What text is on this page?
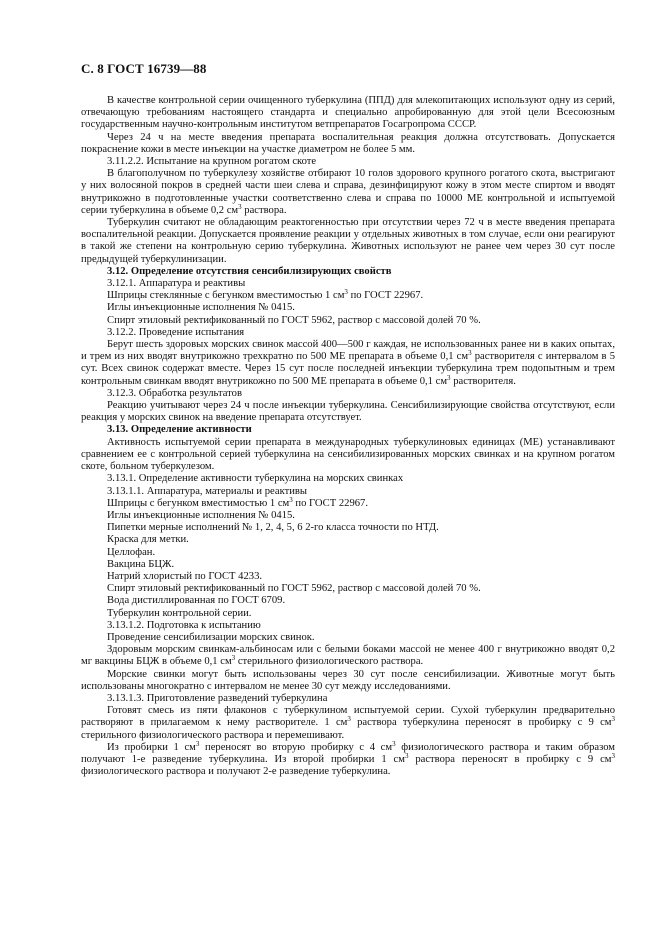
С. 8 ГОСТ 16739—88

В качестве контрольной серии очищенного туберкулина (ППД) для млекопитающих используют одну из серий, отвечающую требованиям настоящего стандарта и специально апробированную для этой цели Всесоюзным государственным научно-контрольным институтом ветпрепаратов Госагропрома СССР.

Через 24 ч на месте введения препарата воспалительная реакция должна отсутствовать. Допускается покраснение кожи в месте инъекции на участке диаметром не более 5 мм.

3.11.2.2. Испытание на крупном рогатом скоте

В благополучном по туберкулезу хозяйстве отбирают 10 голов здорового крупного рогатого скота, выстригают у них волосяной покров в средней части шеи слева и справа, дезинфицируют кожу в этом месте спиртом и вводят внутрикожно в подготовленные участки соответственно слева и справа по 10000 МЕ контрольной и испытуемой серии туберкулина в объеме 0,2 $см^3$ раствора.

Туберкулин считают не обладающим реактогенностью при отсутствии через 72 ч в месте введения препарата воспалительной реакции. Допускается проявление реакции у отдельных животных в том случае, если они реагируют в такой же степени на контрольную серию туберкулина. Животных используют не ранее чем через 30 сут после предыдущей туберкулинизации.

3.12. Определение отсутствия сенсибилизирующих свойств

3.12.1. Аппаратура и реактивы

Шприцы стеклянные с бегунком вместимостью 1 $см^3$ по ГОСТ 22967.

Иглы инъекционные исполнения № 0415.

Спирт этиловый ректификованный по ГОСТ 5962, раствор с массовой долей 70 %.

3.12.2. Проведение испытания

Берут шесть здоровых морских свинок массой 400—500 г каждая, не использованных ранее ни в каких опытах, и трем из них вводят внутрикожно трехкратно по 500 МЕ препарата в объеме 0,1 $см^3$ растворителя с интервалом в 5 сут. Всех свинок содержат вместе. Через 15 сут после последней инъекции туберкулина трем подопытным и трем контрольным свинкам вводят внутрикожно по 500 МЕ препарата в объеме 0,1 $см^3$ растворителя.

3.12.3. Обработка результатов

Реакцию учитывают через 24 ч после инъекции туберкулина. Сенсибилизирующие свойства отсутствуют, если реакция у морских свинок на введение препарата отсутствует.

3.13. Определение активности

Активность испытуемой серии препарата в международных туберкулиновых единицах (МЕ) устанавливают сравнением ее с контрольной серией туберкулина на сенсибилизированных морских свинках и на крупном рогатом скоте, больном туберкулезом.

3.13.1. Определение активности туберкулина на морских свинках

3.13.1.1. Аппаратура, материалы и реактивы

Шприцы с бегунком вместимостью 1 $см^3$ по ГОСТ 22967.

Иглы инъекционные исполнения № 0415.

Пипетки мерные исполнений № 1, 2, 4, 5, 6 2-го класса точности по НТД.

Краска для метки.

Целлофан.

Вакцина БЦЖ.

Натрий хлористый по ГОСТ 4233.

Спирт этиловый ректификованный по ГОСТ 5962, раствор с массовой долей 70 %.

Вода дистиллированная по ГОСТ 6709.

Туберкулин контрольной серии.

3.13.1.2. Подготовка к испытанию

Проведение сенсибилизации морских свинок.

Здоровым морским свинкам-альбиносам или с белыми боками массой не менее 400 г внутрикожно вводят 0,2 мг вакцины БЦЖ в объеме 0,1 $см^3$ стерильного физиологического раствора.

Морские свинки могут быть использованы через 30 сут после сенсибилизации. Животные могут быть использованы многократно с интервалом не менее 30 сут между исследованиями.

3.13.1.3. Приготовление разведений туберкулина

Готовят смесь из пяти флаконов с туберкулином испытуемой серии. Сухой туберкулин предварительно растворяют в прилагаемом к нему растворителе. 1 $см^3$ раствора туберкулина переносят в пробирку с 9 $см^3$ стерильного физиологического раствора и перемешивают.

Из пробирки 1 $см^3$ переносят во вторую пробирку с 4 $см^3$ физиологического раствора и таким образом получают 1-е разведение туберкулина. Из второй пробирки 1 $см^3$ раствора переносят в пробирку с 9 $см^3$ физиологического раствора и получают 2-е разведение туберкулина.
